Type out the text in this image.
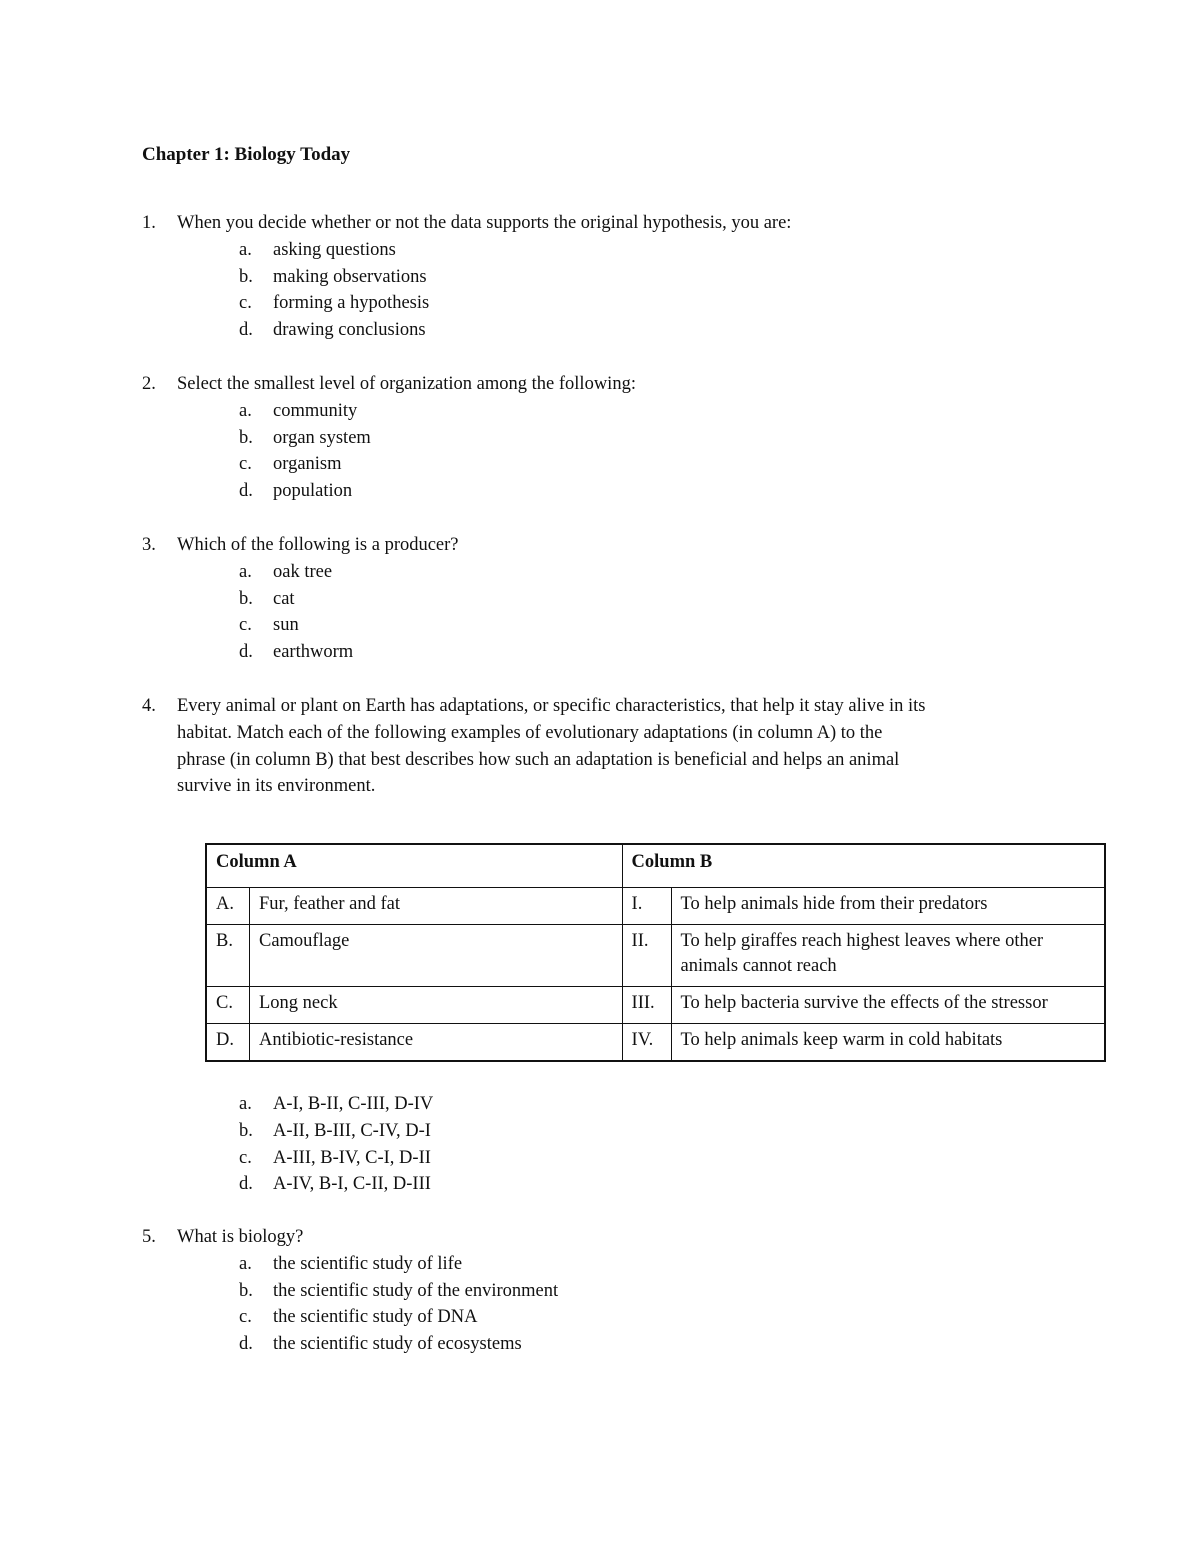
Chapter 1: Biology Today
1.	When you decide whether or not the data supports the original hypothesis, you are:
a. asking questions
b. making observations
c. forming a hypothesis
d. drawing conclusions
2.	Select the smallest level of organization among the following:
a. community
b. organ system
c. organism
d. population
3.	Which of the following is a producer?
a. oak tree
b. cat
c. sun
d. earthworm
4.	Every animal or plant on Earth has adaptations, or specific characteristics, that help it stay alive in its
habitat. Match each of the following examples of evolutionary adaptations (in column A) to the
phrase (in column B) that best describes how such an adaptation is beneficial and helps an animal
survive in its environment.
Column A		Column B	
A.	Fur, feather and fat	I.	To help animals hide from their predators
B.	Camouflage	II.	To help giraffes reach highest leaves where other animals cannot reach
C.	Long neck	III.	To help bacteria survive the effects of the stressor
D.	Antibiotic-resistance	IV.	To help animals keep warm in cold habitats
a. A-I, B-II, C-III, D-IV
b. A-II, B-III, C-IV, D-I
c. A-III, B-IV, C-I, D-II
d. A-IV, B-I, C-II, D-III
5.	What is biology?
a. the scientific study of life
b. the scientific study of the environment
c. the scientific study of DNA
d. the scientific study of ecosystems
